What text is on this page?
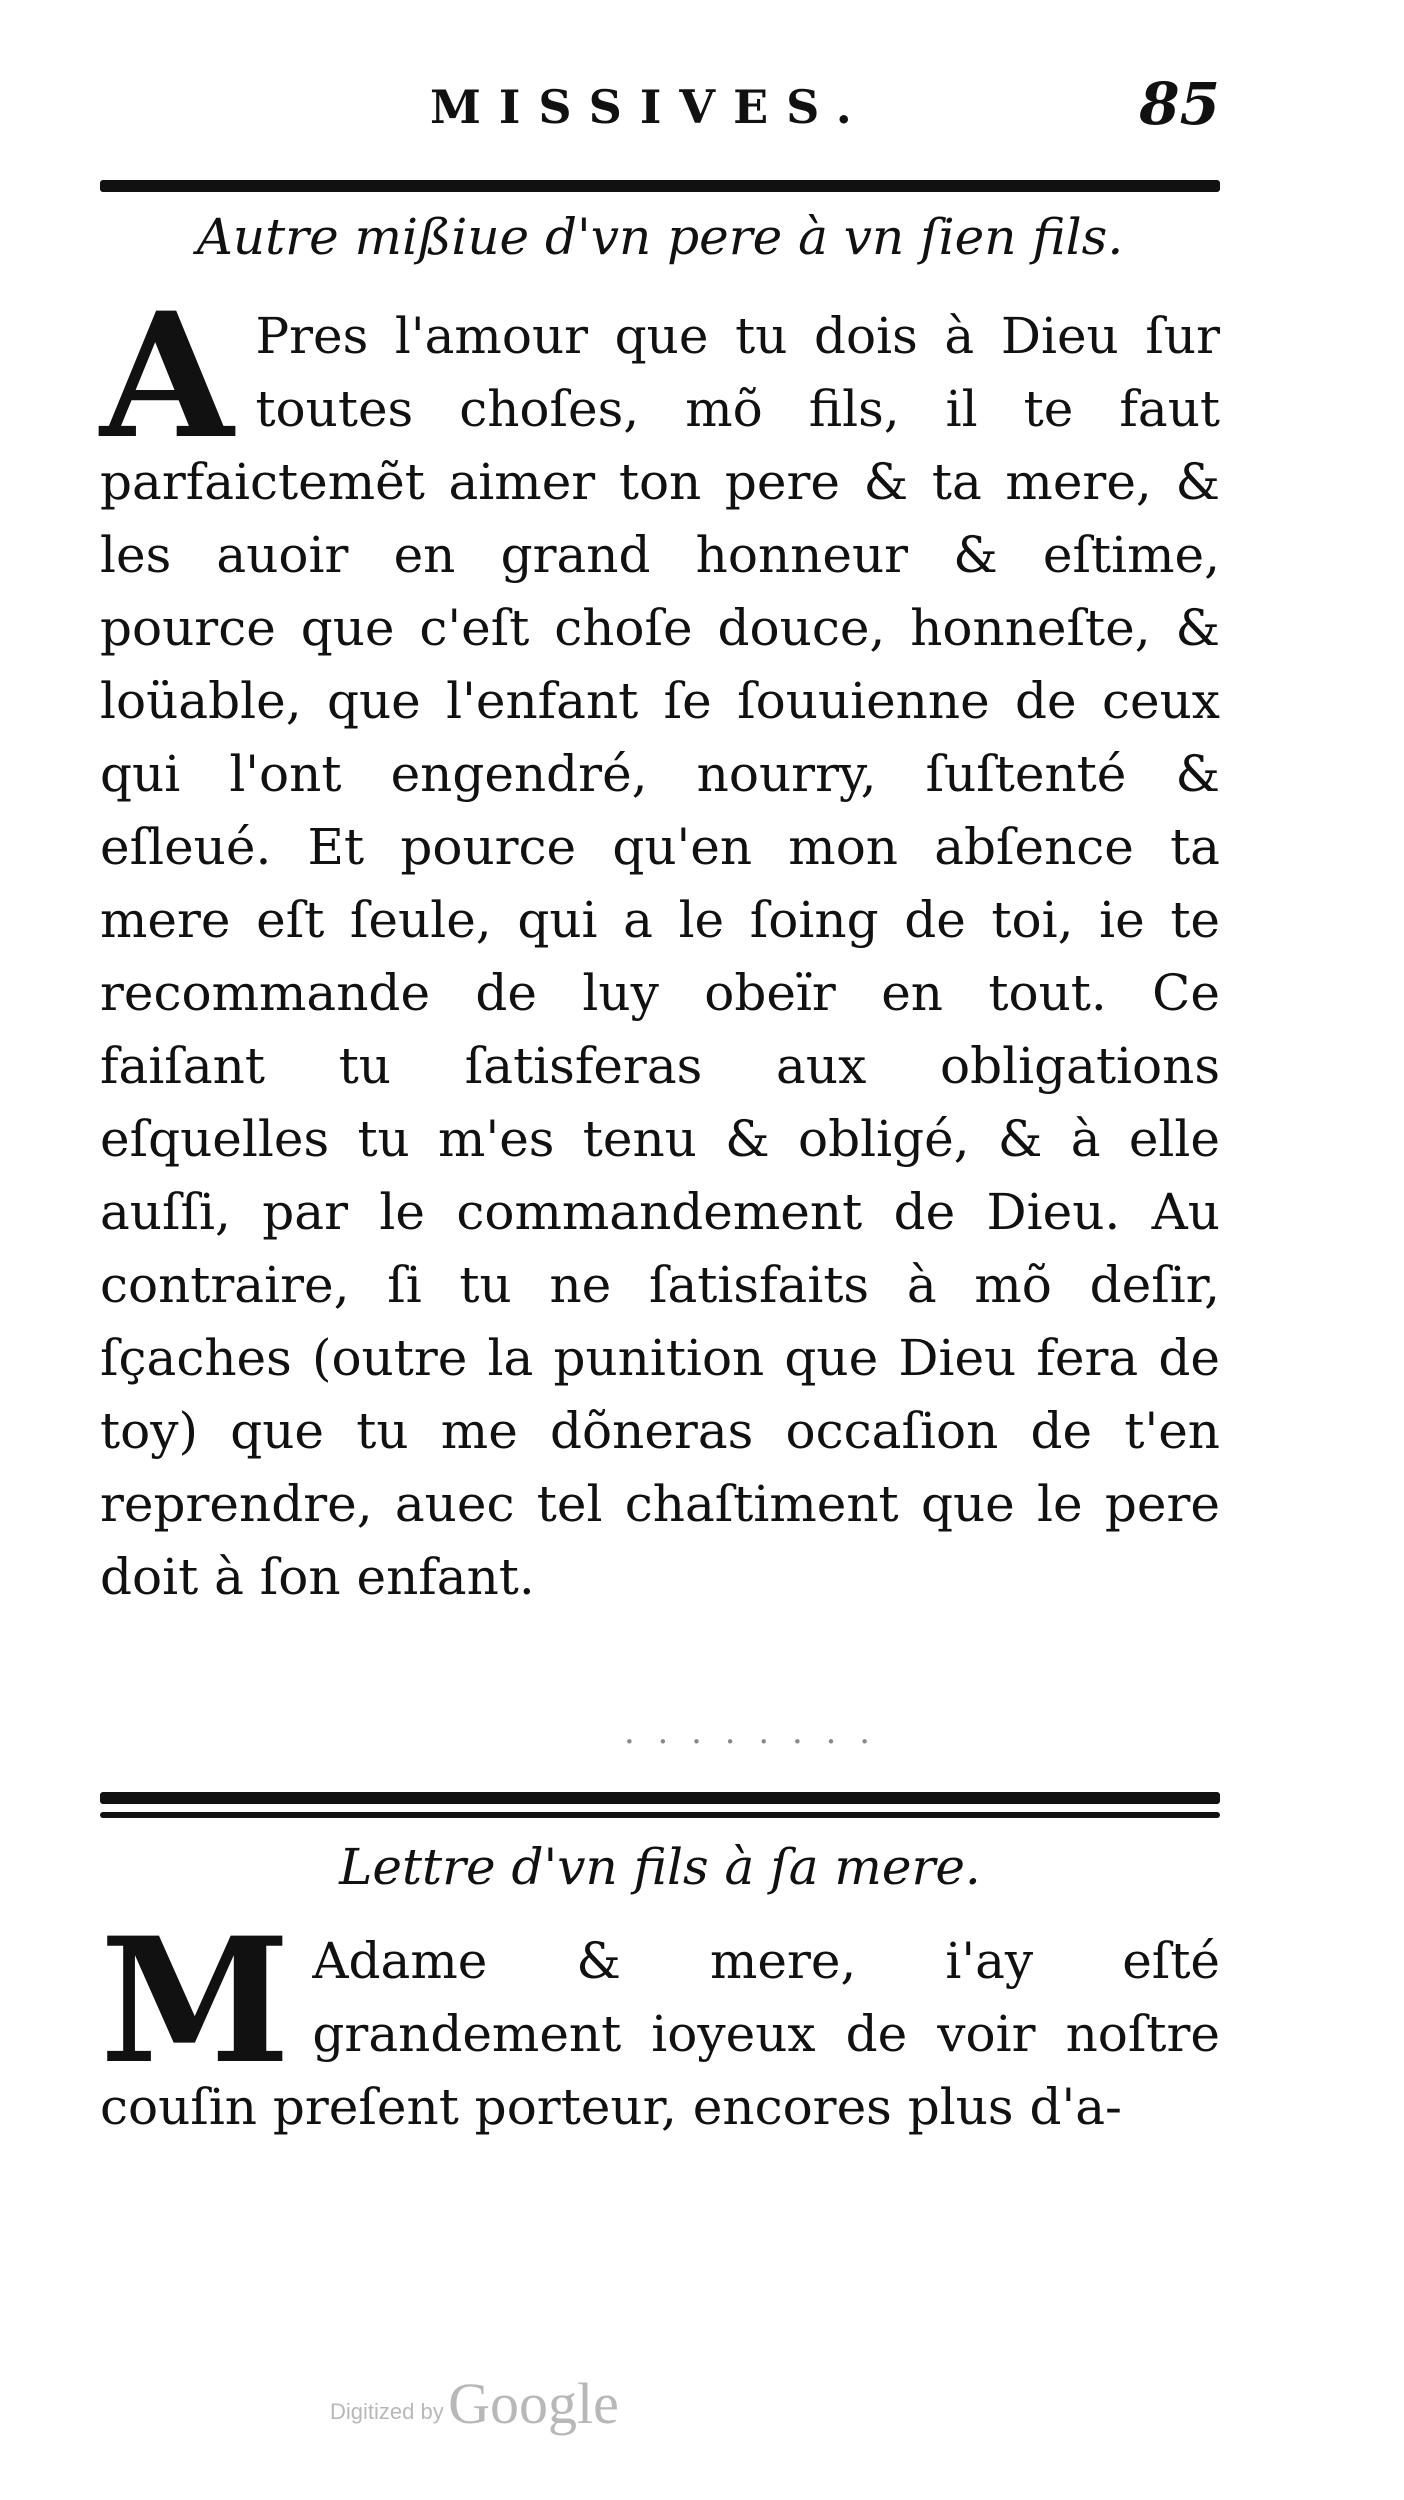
MISSIVES.	85
Autre mißiue d'vn pere à vn ſien fils.
A Pres l'amour que tu dois à Dieu ſur toutes choſes, mõ fils, il te faut parfaictemẽt aimer ton pere & ta mere, & les auoir en grand honneur & eſtime, pource que c'eſt choſe douce, honneſte, & loüable, que l'enfant ſe ſouuienne de ceux qui l'ont engendré, nourry, ſuſtenté & eſleué. Et pource qu'en mon abſence ta mere eſt ſeule, qui a le ſoing de toi, ie te recommande de luy obeïr en tout. Ce faiſant tu ſatisferas aux obligations eſquelles tu m'es tenu & obligé, & à elle auſſi, par le commandement de Dieu. Au contraire, ſi tu ne ſatisfaits à mõ deſir, ſçaches (outre la punition que Dieu fera de toy) que tu me dõneras occaſion de t'en reprendre, auec tel chaſtiment que le pere doit à ſon enfant.

· · · · · · · ·
Lettre d'vn fils à ſa mere.
M Adame & mere, i'ay eſté grandement ioyeux de voir noſtre couſin preſent porteur, encores plus d'a-

Digitized by Google
